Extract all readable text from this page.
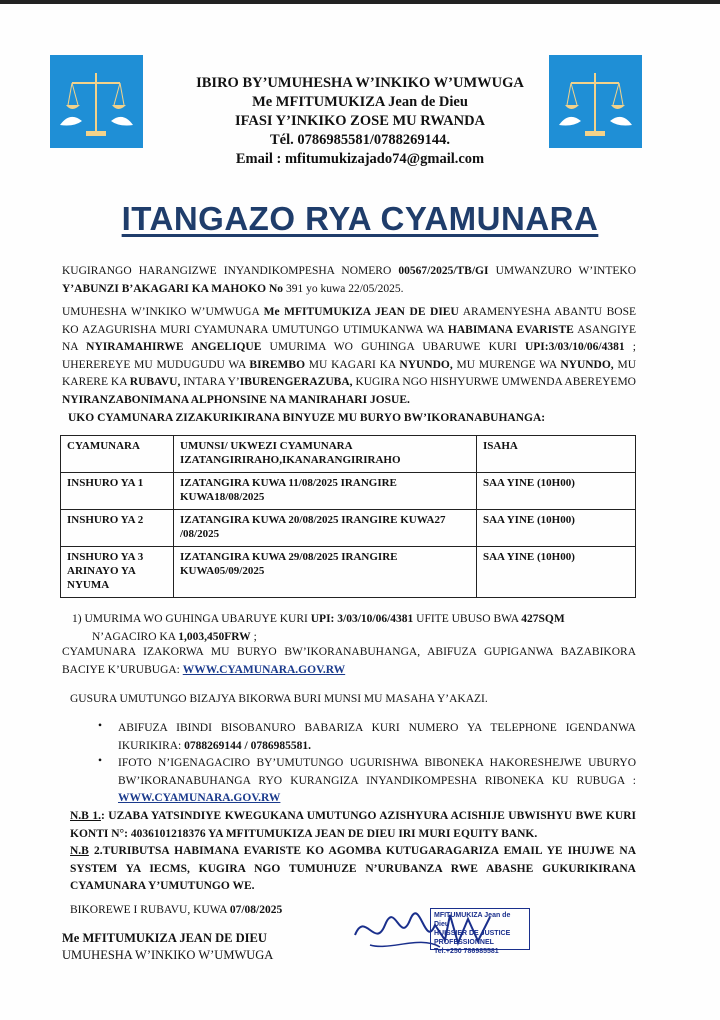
IBIRO BY’UMUHESHA W’INKIKO W’UMWUGA
Me MFITUMUKIZA Jean de Dieu
IFASI Y’INKIKO ZOSE MU RWANDA
Tél. 0786985581/0788269144.
Email : mfitumukizajado74@gmail.com
ITANGAZO RYA CYAMUNARA
KUGIRANGO HARANGIZWE INYANDIKOMPESHA NOMERO 00567/2025/TB/GI UMWANZURO W’INTEKO Y’ABUNZI B’AKAGARI KA MAHOKO No 391 yo kuwa 22/05/2025.
UMUHESHA W’INKIKO W’UMWUGA Me MFITUMUKIZA JEAN DE DIEU ARAMENYESHA ABANTU BOSE KO AZAGURISHA MURI CYAMUNARA UMUTUNGO UTIMUKANWA WA HABIMANA EVARISTE ASANGIYE NA NYIRAMAHIRWE ANGELIQUE UMURIMA WO GUHINGA UBARUWE KURI UPI:3/03/10/06/4381 ; UHEREREYE MU MUDUGUDU WA BIREMBO MU KAGARI KA NYUNDO, MU MURENGE WA NYUNDO, MU KARERE KA RUBAVU, INTARA Y’IBURENGERAZUBA, KUGIRA NGO HISHYURWE UMWENDA ABEREYEMO NYIRANZABONIMANA ALPHONSINE NA MANIRAHARI JOSUE.
UKO CYAMUNARA ZIZAKURIKIRANA BINYUZE MU BURYO BW’IKORANABUHANGA:
CYAMUNARA	UMUNSI/ UKWEZI CYAMUNARA IZATANGIRIRAHO,IKANARANGIRIRAHO	ISAHA
INSHURO YA 1	IZATANGIRA KUWA 11/08/2025 IRANGIRE KUWA18/08/2025	SAA YINE (10H00)
INSHURO YA 2	IZATANGIRA KUWA 20/08/2025 IRANGIRE KUWA27 /08/2025	SAA YINE (10H00)
INSHURO YA 3 ARINAYO YA NYUMA	IZATANGIRA KUWA 29/08/2025 IRANGIRE KUWA05/09/2025	SAA YINE (10H00)
1) UMURIMA WO GUHINGA UBARUYE KURI UPI: 3/03/10/06/4381 UFITE UBUSO BWA 427SQM
N’AGACIRO KA 1,003,450FRW ;
CYAMUNARA IZAKORWA MU BURYO BW’IKORANABUHANGA, ABIFUZA GUPIGANWA BAZABIKORA BACIYE K’URUBUGA: WWW.CYAMUNARA.GOV.RW
GUSURA UMUTUNGO BIZAJYA BIKORWA BURI MUNSI MU MASAHA Y’AKAZI.
• ABIFUZA IBINDI BISOBANURO BABARIZA KURI NUMERO YA TELEPHONE IGENDANWA IKURIKIRA: 0788269144 / 0786985581.
• IFOTO N’IGENAGACIRO BY’UMUTUNGO UGURISHWA BIBONEKA HAKORESHEJWE UBURYO BW’IKORANABUHANGA RYO KURANGIZA INYANDIKOMPESHA RIBONEKA KU RUBUGA : WWW.CYAMUNARA.GOV.RW
N.B 1.: UZABA YATSINDIYE KWEGUKANA UMUTUNGO AZISHYURA ACISHIJE UBWISHYU BWE KURI KONTI N°: 4036101218376 YA MFITUMUKIZA JEAN DE DIEU IRI MURI EQUITY BANK.
N.B 2.TURIBUTSA HABIMANA EVARISTE KO AGOMBA KUTUGARAGARIZA EMAIL YE IHUJWE NA SYSTEM YA IECMS, KUGIRA NGO TUMUHUZE N’URUBANZA RWE ABASHE GUKURIKIRANA CYAMUNARA Y’UMUTUNGO WE.
BIKOREWE I RUBAVU, KUWA 07/08/2025
Me MFITUMUKIZA JEAN DE DIEU
UMUHESHA W’INKIKO W’UMWUGA
MFITUMUKIZA Jean de Dieu
HUISSIER DE JUSTICE
PROFESSIONNEL
Tel:+250 786985581
